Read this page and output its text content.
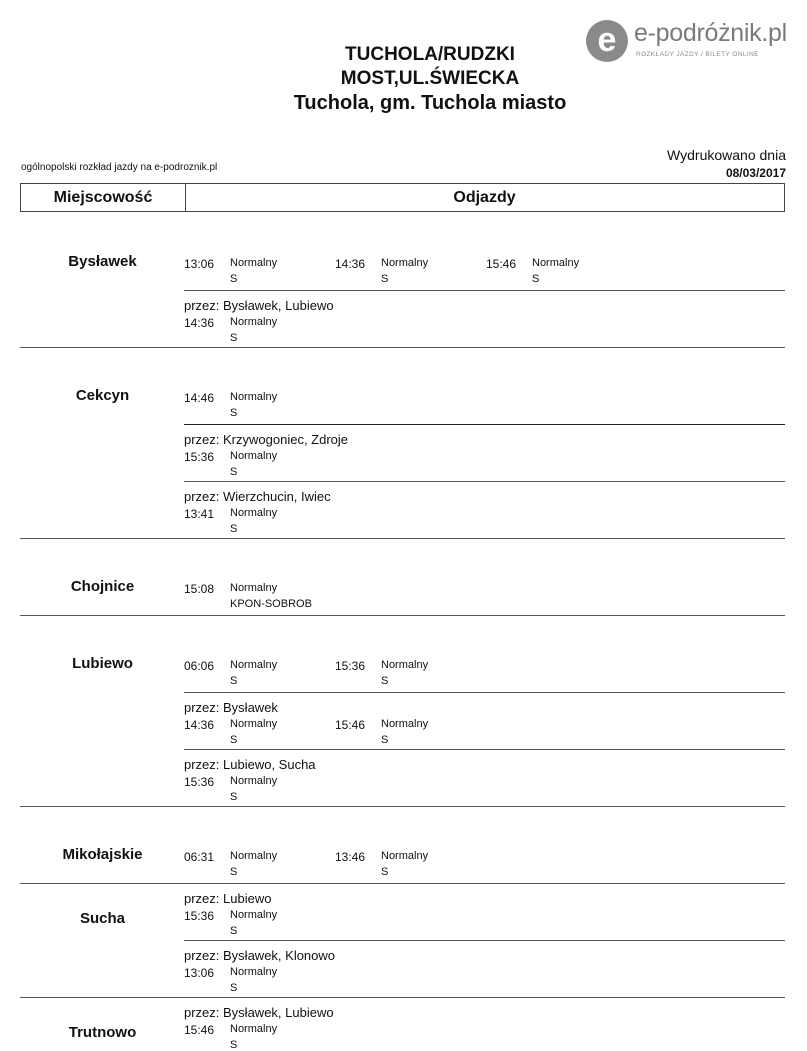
e e-podróżnik.pl
ROZKŁADY JAZDY / BILETY ONLINE
TUCHOLA/RUDZKI
MOST,UL.ŚWIECKA
Tuchola, gm. Tuchola miasto
ogólnopolski rozkład jazdy na e-podroznik.pl
Wydrukowano dnia
08/03/2017
Miejscowość	Odjazdy
Bysławek	13:06 Normalny
S
14:36 Normalny
S
15:46 Normalny
S
przez: Bysławek, Lubiewo
14:36 Normalny
S
Cekcyn	14:46 Normalny
S
przez: Krzywogoniec, Zdroje
15:36 Normalny
S
przez: Wierzchucin, Iwiec
13:41 Normalny
S
Chojnice	15:08 Normalny
KPON-SOBROB
Lubiewo	06:06 Normalny
S
15:36 Normalny
S
przez: Bysławek
14:36 Normalny
S
15:46 Normalny
S
przez: Lubiewo, Sucha
15:36 Normalny
S
Mikołajskie	06:31 Normalny
S
13:46 Normalny
S
Sucha
przez: Lubiewo
15:36 Normalny
S
przez: Bysławek, Klonowo
13:06 Normalny
S
Trutnowo
przez: Bysławek, Lubiewo
15:46 Normalny
S
